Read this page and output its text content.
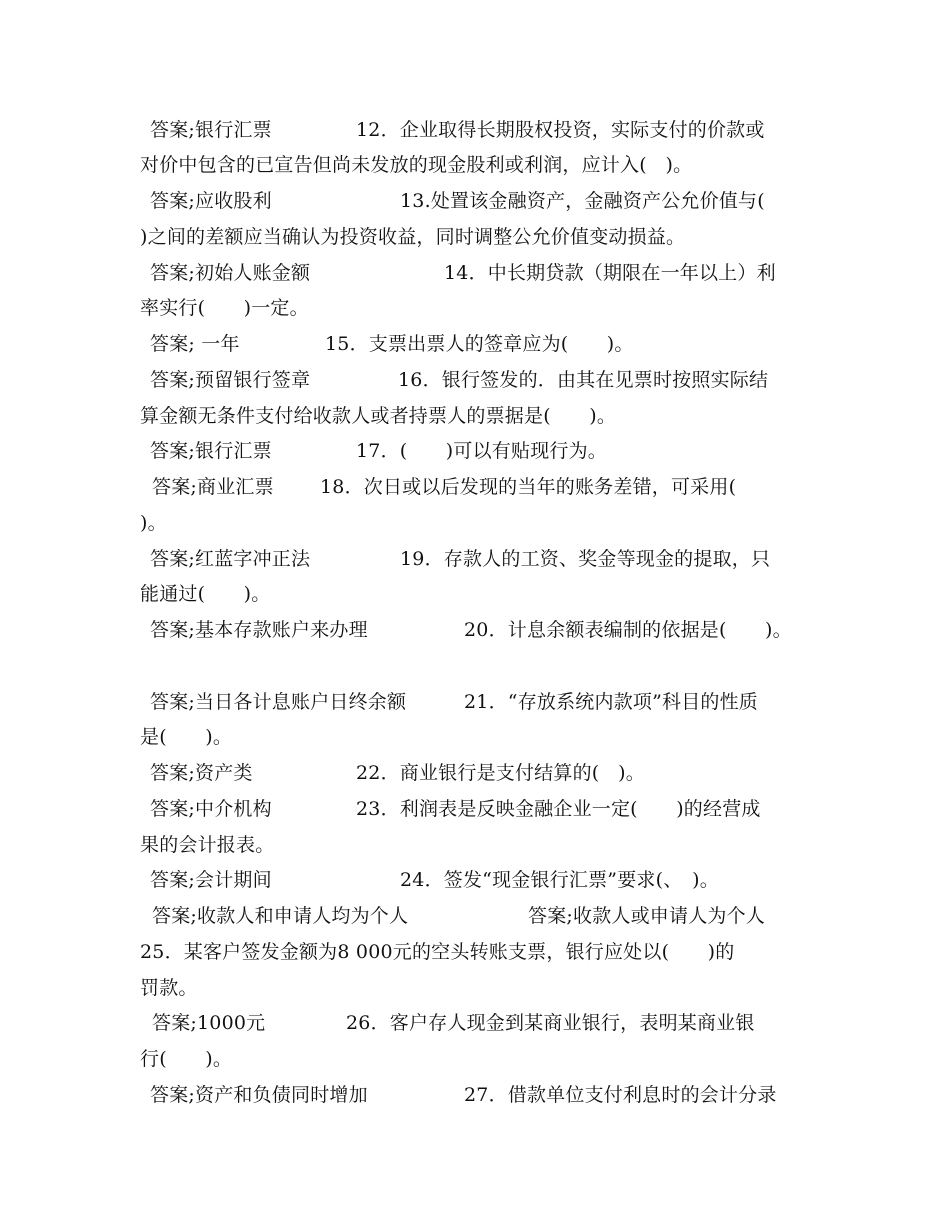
答案;银行汇票

	12．企业取得长期股权投资，实际支付的价款或

对价中包含的已宣告但尚未发放的现金股利或利润，应计入(   )。

答案;应收股利

	13.处置该金融资产，金融资产公允价值与(

)之间的差额应当确认为投资收益，同时调整公允价值变动损益。

答案;初始人账金额

	14．中长期贷款（期限在一年以上）利

率实行(　　)一定。

答案; 一年

	15．支票出票人的签章应为(　　)。

答案;预留银行签章

	16．银行签发的．由其在见票时按照实际结

算金额无条件支付给收款人或者持票人的票据是(　　)。

答案;银行汇票

	17．(　　)可以有贴现行为。

答案;商业汇票

18．次日或以后发现的当年的账务差错，可采用(

)。

答案;红蓝字冲正法

	19．存款人的工资、奖金等现金的提取，只

能通过(　　)。

答案;基本存款账户来办理

	20．计息余额表编制的依据是(　　)。

答案;当日各计息账户日终余额

	21．“存放系统内款项”科目的性质

是(　　)。

答案;资产类

	22．商业银行是支付结算的(   )。

答案;中介机构

	23．利润表是反映金融企业一定(　　)的经营成

果的会计报表。

答案;会计期间

	24．签发“现金银行汇票”要求(、　)。

答案;收款人和申请人均为个人

	答案;收款人或申请人为个人

25．某客户签发金额为8 000元的空头转账支票，银行应处以(　　)的

罚款。

答案;1000元

	26．客户存人现金到某商业银行，表明某商业银

行(　　)。

答案;资产和负债同时增加

	27．借款单位支付利息时的会计分录
